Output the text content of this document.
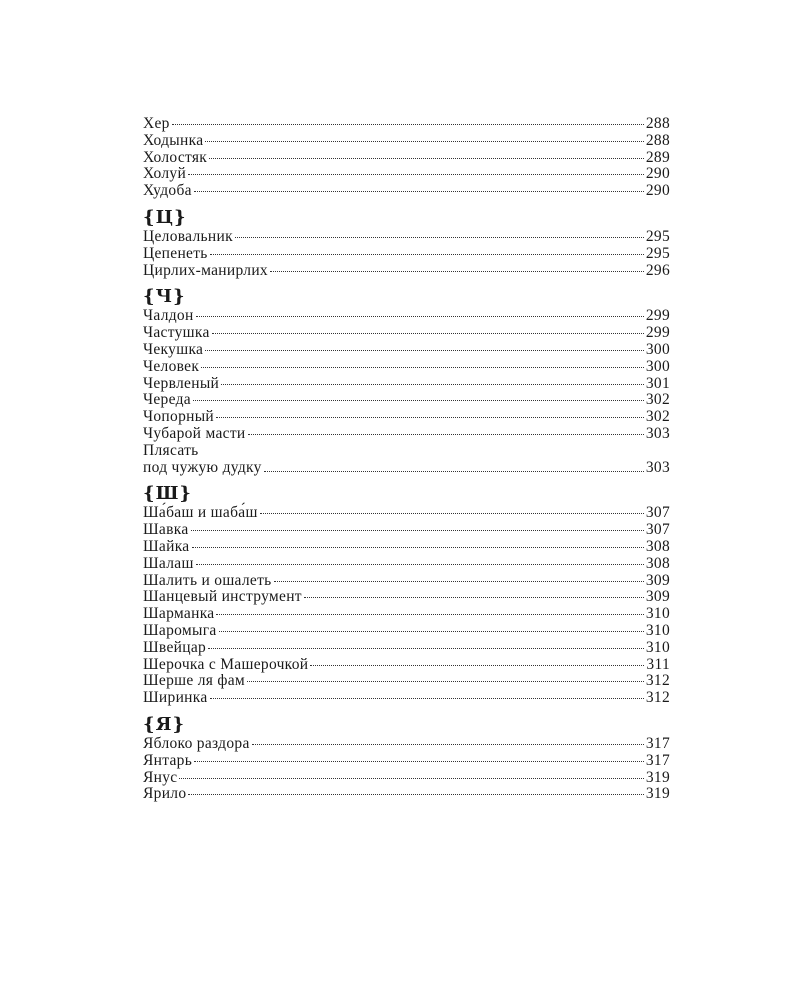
Хер	288
Ходынка	288
Холостяк	289
Холуй	290
Худоба	290
{Ц}
Целовальник	295
Цепенеть	295
Цирлих-манирлих	296
{Ч}
Чалдон	299
Частушка	299
Чекушка	300
Человек	300
Червленый	301
Череда	302
Чопорный	302
Чубарой масти	303
Плясать
под чужую дудку	303
{Ш}
Ша́баш и шаба́ш	307
Шавка	307
Шайка	308
Шалаш	308
Шалить и ошалеть	309
Шанцевый инструмент	309
Шарманка	310
Шаромыга	310
Швейцар	310
Шерочка с Машерочкой	311
Шерше ля фам	312
Ширинка	312
{Я}
Яблоко раздора	317
Янтарь	317
Янус	319
Ярило	319
